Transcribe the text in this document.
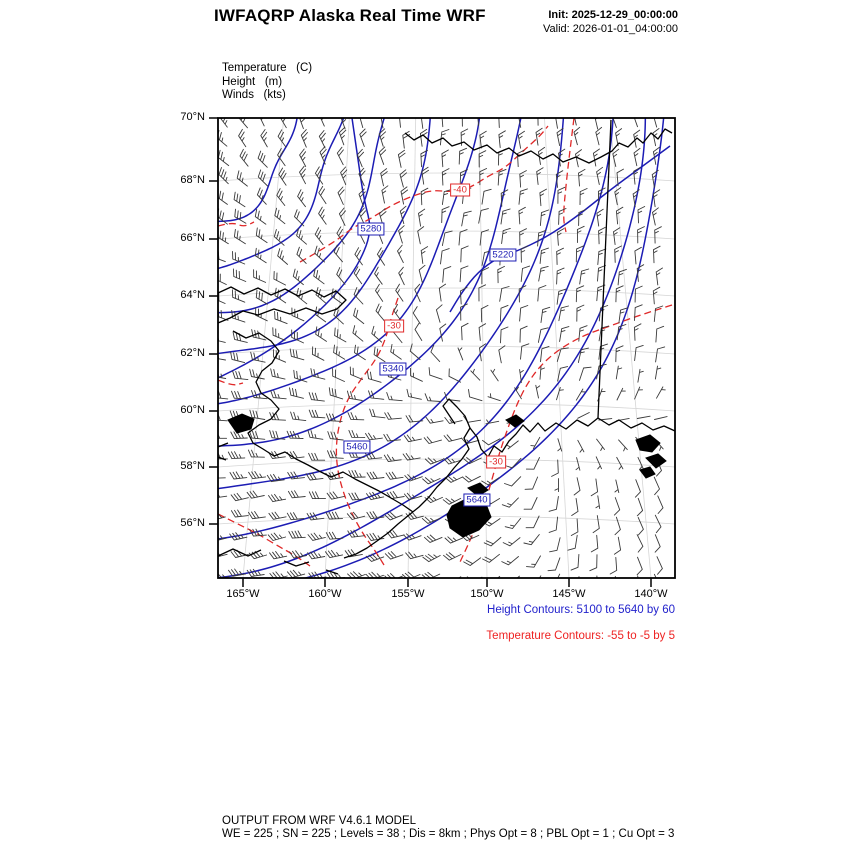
IWFAQRP Alaska Real Time WRF	Init: 2025-12-29_00:00:00
Valid: 2026-01-01_04:00:00
Temperature   (C)
Height   (m)
Winds   (kts)
70°N
68°N
66°N
64°N
62°N
60°N
58°N
56°N
165°W	160°W	155°W	150°W	145°W	140°W
5280
5220
5340
5460
5640
-40
-30
-30
Height Contours: 5100 to 5640 by 60
Temperature Contours: -55 to -5 by 5
OUTPUT FROM WRF V4.6.1 MODEL
WE = 225 ; SN = 225 ; Levels = 38 ; Dis = 8km ; Phys Opt = 8 ; PBL Opt = 1 ; Cu Opt = 3
